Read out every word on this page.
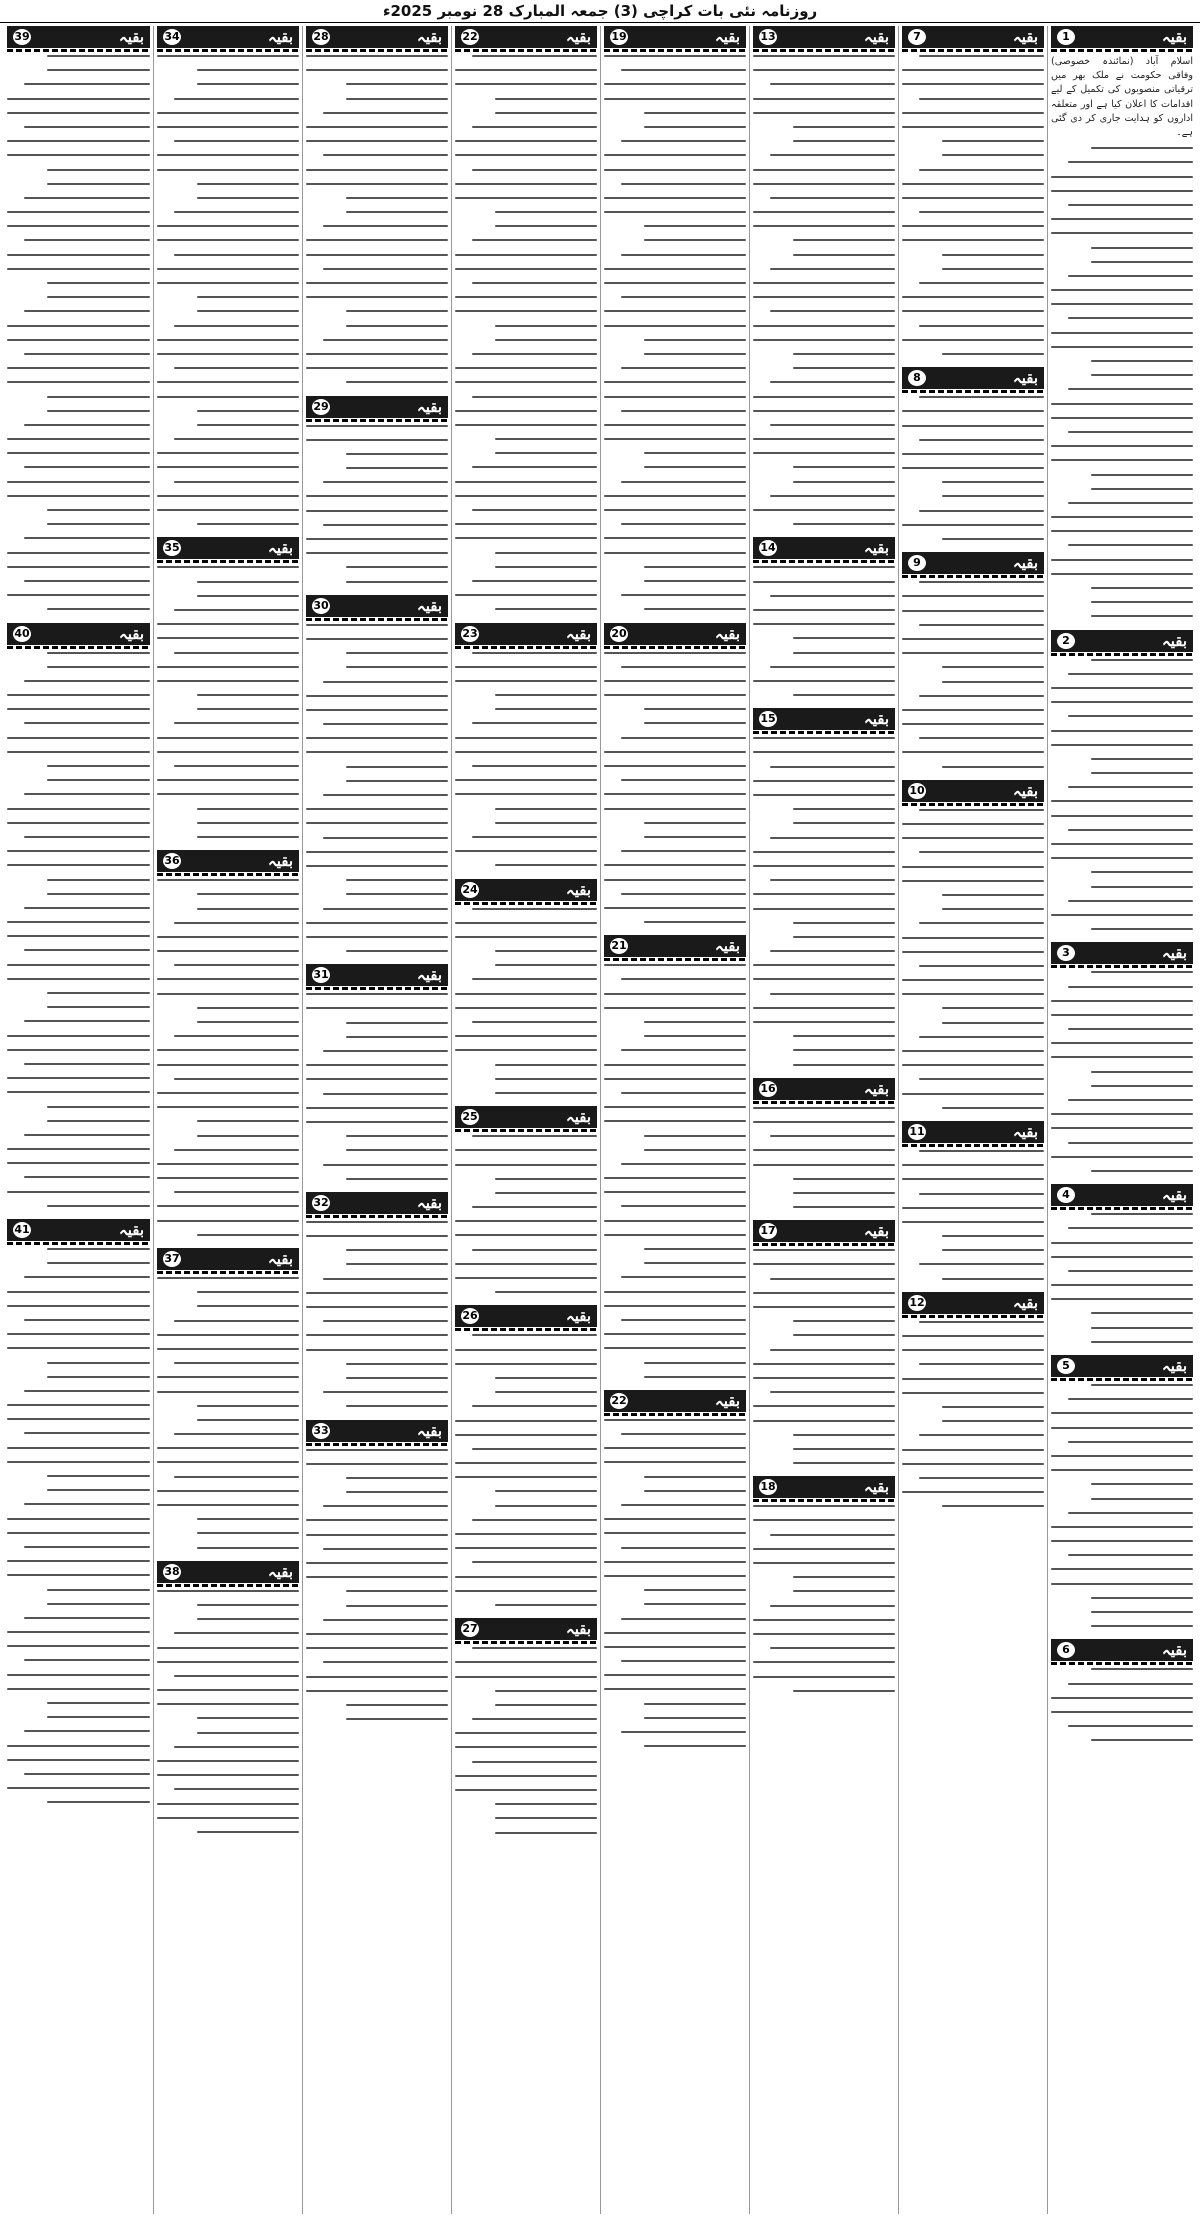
روزنامہ نئی بات کراچی (3) جمعہ المبارک 28 نومبر 2025ء
بقیہ
1
اسلام آباد (نمائندہ خصوصی) وفاقی حکومت نے ملک بھر میں ترقیاتی منصوبوں کی تکمیل کے لیے اقدامات کا اعلان کیا ہے اور متعلقہ اداروں کو ہدایت جاری کر دی گئی ہے۔
بقیہ
2
بقیہ
3
بقیہ
4
بقیہ
5
بقیہ
6
بقیہ
7
بقیہ
8
بقیہ
9
بقیہ
10
بقیہ
11
بقیہ
12
بقیہ
13
بقیہ
14
بقیہ
15
بقیہ
16
بقیہ
17
بقیہ
18
بقیہ
19
بقیہ
20
بقیہ
21
بقیہ
22
بقیہ
22
بقیہ
23
بقیہ
24
بقیہ
25
بقیہ
26
بقیہ
27
بقیہ
28
بقیہ
29
بقیہ
30
بقیہ
31
بقیہ
32
بقیہ
33
بقیہ
34
بقیہ
35
بقیہ
36
بقیہ
37
بقیہ
38
بقیہ
39
بقیہ
40
بقیہ
41
